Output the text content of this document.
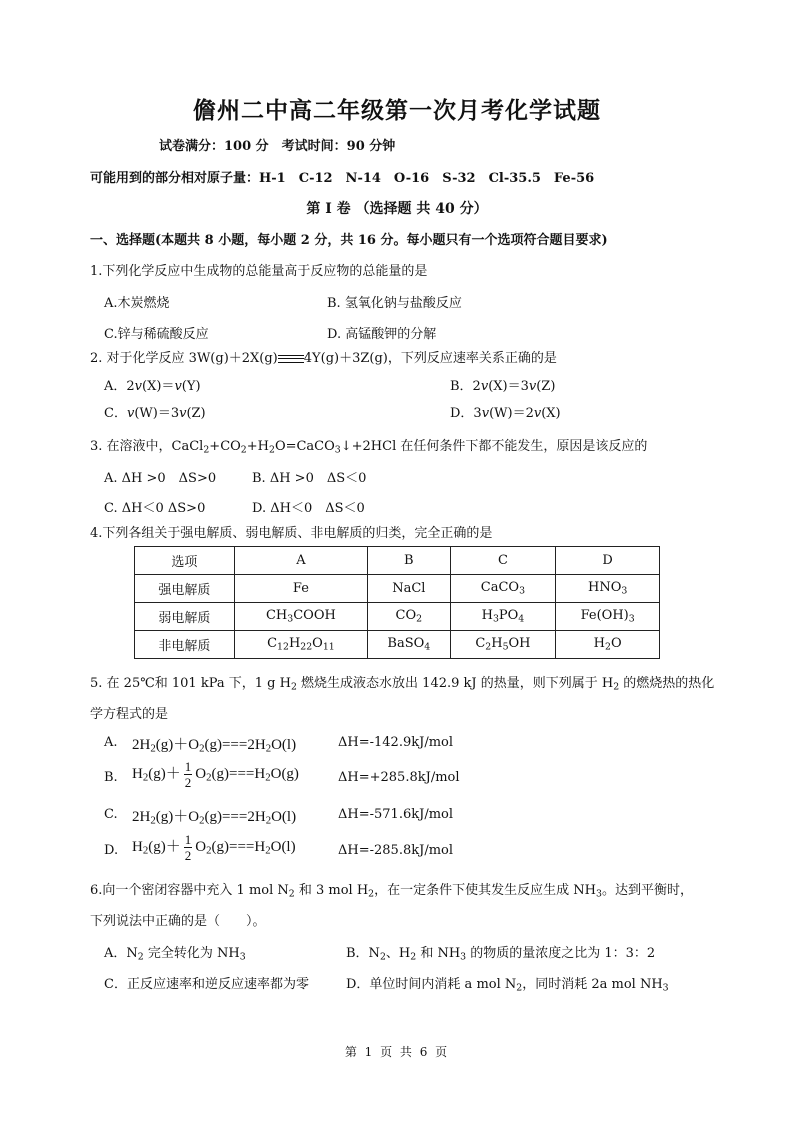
儋州二中高二年级第一次月考化学试题
试卷满分：100 分　考试时间：90 分钟
可能用到的部分相对原子量：H-1　C-12　N-14　O-16　S-32　Cl-35.5　Fe-56
第 I 卷 （选择题 共 40 分）
一、选择题(本题共 8 小题，每小题 2 分，共 16 分。每小题只有一个选项符合题目要求)
1.下列化学反应中生成物的总能量高于反应物的总能量的是
A.木炭燃烧	B. 氢氧化钠与盐酸反应
C.锌与稀硫酸反应	D. 高锰酸钾的分解
2. 对于化学反应 3W(g)＋2X(g) 4Y(g)＋3Z(g)，下列反应速率关系正确的是
A．2v(X)＝v(Y)	B．2v(X)＝3v(Z)
C．v(W)＝3v(Z)	D．3v(W)＝2v(X)
3. 在溶液中，$CaCl_2+CO_2+H_2O=CaCO_3↓+2HCl$ 在任何条件下都不能发生，原因是该反应的
A. ΔH >0　ΔS>0	B. ΔH >0　ΔS＜0
C. ΔH＜0 ΔS>0	D. ΔH＜0　ΔS＜0
4.下列各组关于强电解质、弱电解质、非电解质的归类，完全正确的是
选项	A	B	C	D
强电解质	Fe	NaCl	CaCO$_3$	$HNO_3$
弱电解质	$CH_3COOH$	$CO_2$	$H_3PO_4$	$Fe(OH)_3$
非电解质	$C_{12}H_{22}O_{11}$	BaSO$_4$	$C_2H_5OH$	$H_2O$
5. 在 25℃和 101 kPa 下，1 g $H_2$ 燃烧生成液态水放出 142.9 kJ 的热量，则下列属于 $H_2$ 的燃烧热的热化
学方程式的是
A. $2H_2(g)+O_2(g)===2H_2O(l)$	ΔH=-142.9kJ/mol
B. $H_2(g)+ \frac{1}{2} O_2(g)===H_2O(g)$	ΔH=+285.8kJ/mol
C. $2H_2(g)+O_2(g)===2H_2O(l)$	ΔH=-571.6kJ/mol
D. $H_2(g)+ \frac{1}{2} O_2(g)===H_2O(l)$	ΔH=-285.8kJ/mol
6.向一个密闭容器中充入 1 mol $N_2$ 和 3 mol $H_2$，在一定条件下使其发生反应生成 $NH_3$。达到平衡时，
下列说法中正确的是（　　）。
A．$N_2$ 完全转化为 $NH_3$	B．$N_2$、$H_2$ 和 $NH_3$ 的物质的量浓度之比为 1：3：2
C．正反应速率和逆反应速率都为零	D．单位时间内消耗 a mol $N_2$，同时消耗 2a mol $NH_3$
第 1 页 共 6 页
